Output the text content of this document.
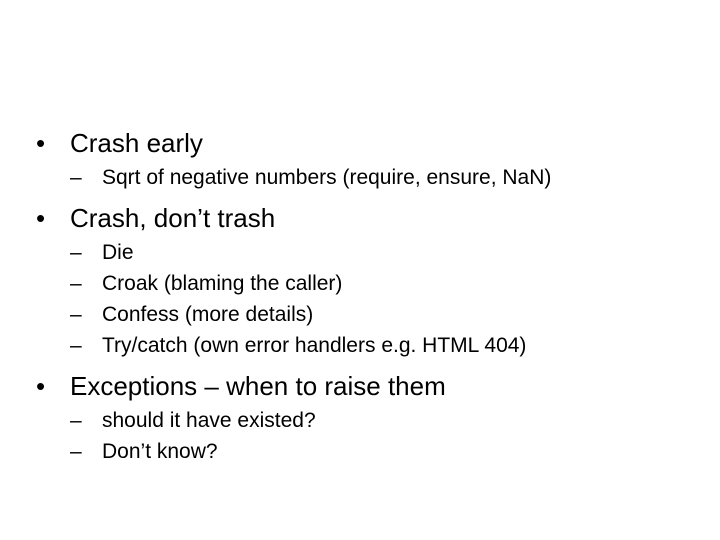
• Crash early
– Sqrt of negative numbers (require, ensure, NaN)
• Crash, don’t trash
– Die
– Croak (blaming the caller)
– Confess (more details)
– Try/catch (own error handlers e.g. HTML 404)
• Exceptions – when to raise them
– should it have existed?
– Don’t know?
